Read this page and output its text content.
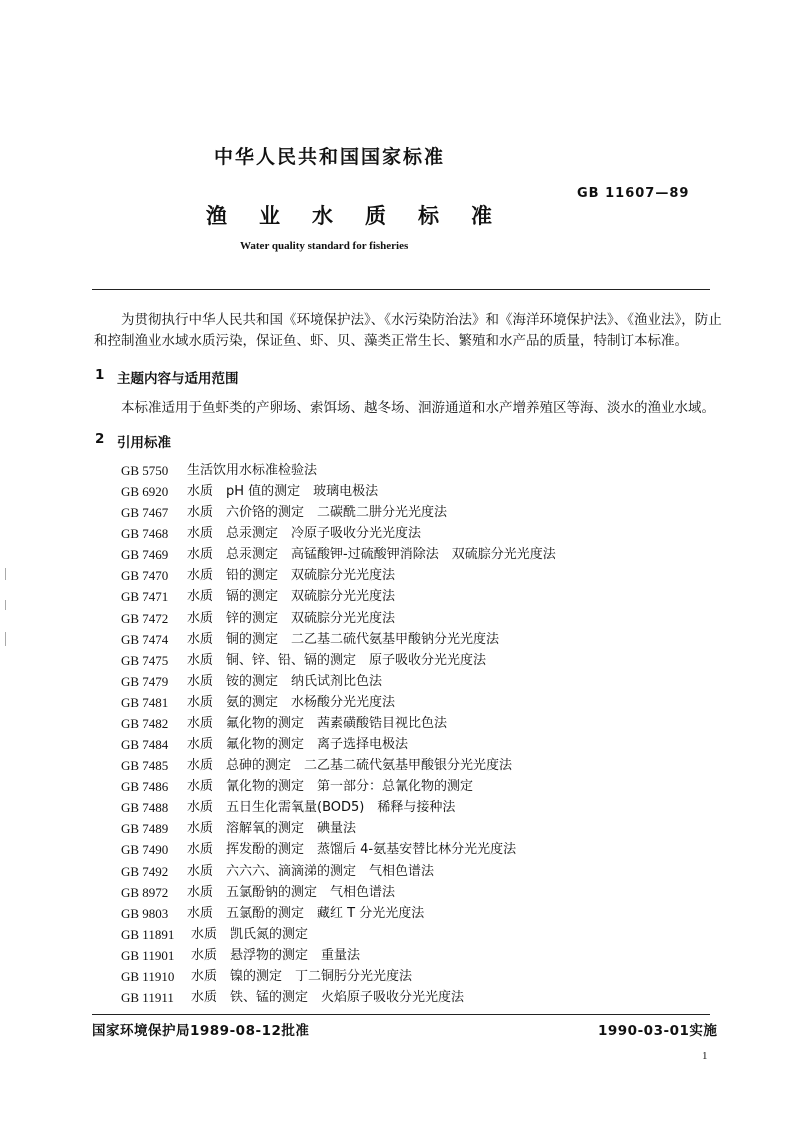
中华人民共和国国家标准
GB 11607—89
渔业水质标准
Water quality standard for fisheries
为贯彻执行中华人民共和国《环境保护法》、《水污染防治法》和《海洋环境保护法》、《渔业法》，防止
和控制渔业水域水质污染，保证鱼、虾、贝、藻类正常生长、繁殖和水产品的质量，特制订本标准。
1 主题内容与适用范围
本标准适用于鱼虾类的产卵场、索饵场、越冬场、洄游通道和水产增养殖区等海、淡水的渔业水域。
2 引用标准
GB 5750 生活饮用水标准检验法
GB 6920 水质　pH 值的测定　玻璃电极法
GB 7467 水质　六价铬的测定　二碳酰二肼分光光度法
GB 7468 水质　总汞测定　冷原子吸收分光光度法
GB 7469 水质　总汞测定　高锰酸钾-过硫酸钾消除法　双硫腙分光光度法
GB 7470 水质　铅的测定　双硫腙分光光度法
GB 7471 水质　镉的测定　双硫腙分光光度法
GB 7472 水质　锌的测定　双硫腙分光光度法
GB 7474 水质　铜的测定　二乙基二硫代氨基甲酸钠分光光度法
GB 7475 水质　铜、锌、铅、镉的测定　原子吸收分光光度法
GB 7479 水质　铵的测定　纳氏试剂比色法
GB 7481 水质　氨的测定　水杨酸分光光度法
GB 7482 水质　氟化物的测定　茜素磺酸锆目视比色法
GB 7484 水质　氟化物的测定　离子选择电极法
GB 7485 水质　总砷的测定　二乙基二硫代氨基甲酸银分光光度法
GB 7486 水质　氰化物的测定　第一部分：总氰化物的测定
GB 7488 水质　五日生化需氧量(BOD5)　稀释与接种法
GB 7489 水质　溶解氧的测定　碘量法
GB 7490 水质　挥发酚的测定　蒸馏后 4-氨基安替比林分光光度法
GB 7492 水质　六六六、滴滴涕的测定　气相色谱法
GB 8972 水质　五氯酚钠的测定　气相色谱法
GB 9803 水质　五氯酚的测定　藏红 T 分光光度法
GB 11891 水质　凯氏氮的测定
GB 11901 水质　悬浮物的测定　重量法
GB 11910 水质　镍的测定　丁二铜肟分光光度法
GB 11911 水质　铁、锰的测定　火焰原子吸收分光光度法
国家环境保护局1989-08-12批准	1990-03-01实施
1
